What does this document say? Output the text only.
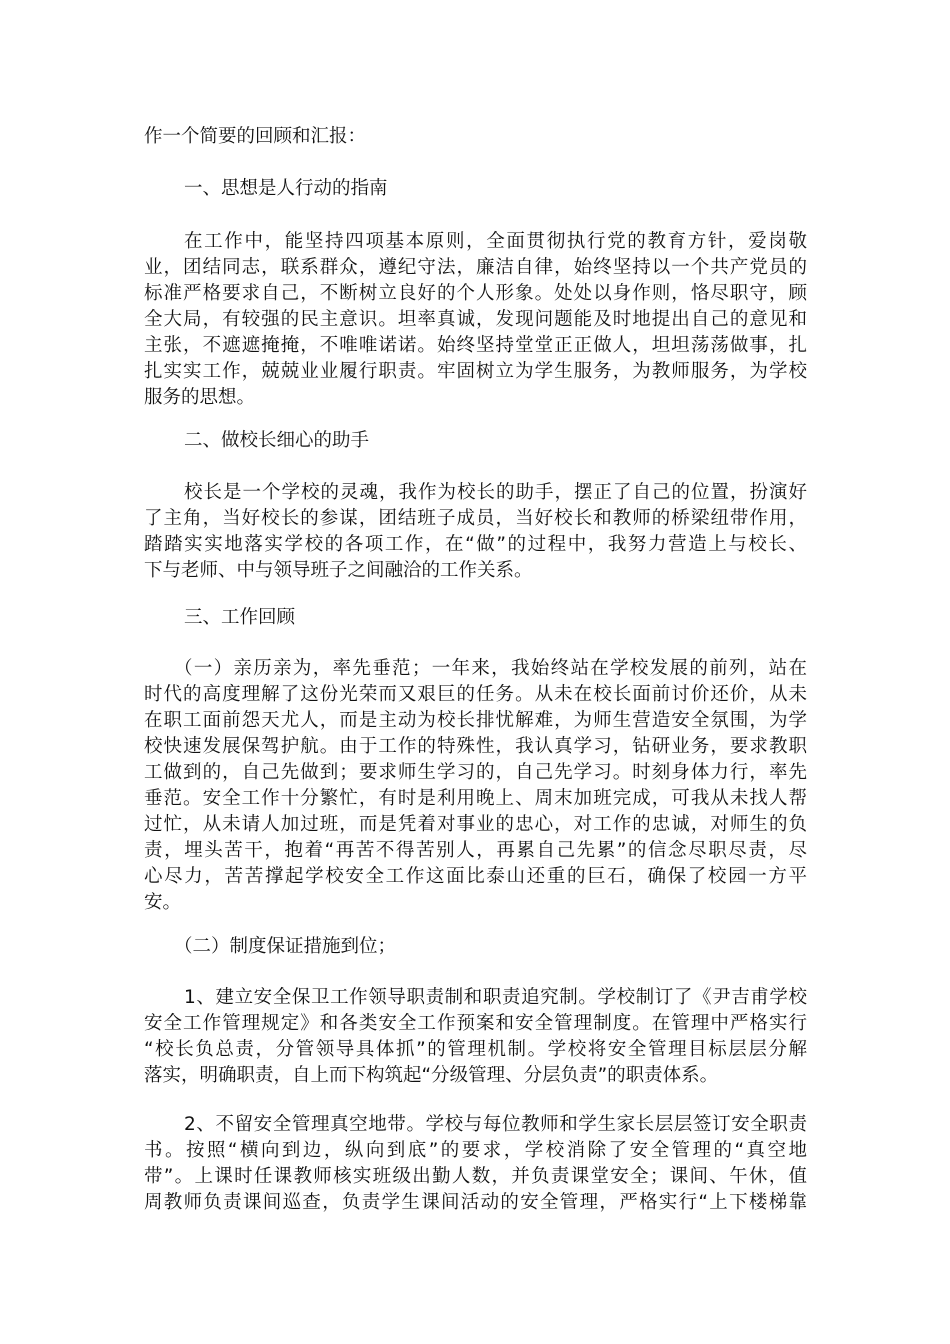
作一个简要的回顾和汇报：
一、思想是人行动的指南
在工作中，能坚持四项基本原则，全面贯彻执行党的教育方针，爱岗敬
业，团结同志，联系群众，遵纪守法，廉洁自律，始终坚持以一个共产党员的
标准严格要求自己，不断树立良好的个人形象。处处以身作则，恪尽职守，顾
全大局，有较强的民主意识。坦率真诚，发现问题能及时地提出自己的意见和
主张，不遮遮掩掩，不唯唯诺诺。始终坚持堂堂正正做人，坦坦荡荡做事，扎
扎实实工作，兢兢业业履行职责。牢固树立为学生服务，为教师服务，为学校
服务的思想。
二、做校长细心的助手
校长是一个学校的灵魂，我作为校长的助手，摆正了自己的位置，扮演好
了主角，当好校长的参谋，团结班子成员，当好校长和教师的桥梁纽带作用，
踏踏实实地落实学校的各项工作，在“做”的过程中，我努力营造上与校长、
下与老师、中与领导班子之间融洽的工作关系。
三、工作回顾
（一）亲历亲为，率先垂范；一年来，我始终站在学校发展的前列，站在
时代的高度理解了这份光荣而又艰巨的任务。从未在校长面前讨价还价，从未
在职工面前怨天尤人，而是主动为校长排忧解难，为师生营造安全氛围，为学
校快速发展保驾护航。由于工作的特殊性，我认真学习，钻研业务，要求教职
工做到的，自己先做到；要求师生学习的，自己先学习。时刻身体力行，率先
垂范。安全工作十分繁忙，有时是利用晚上、周末加班完成，可我从未找人帮
过忙，从未请人加过班，而是凭着对事业的忠心，对工作的忠诚，对师生的负
责，埋头苦干，抱着“再苦不得苦别人，再累自己先累”的信念尽职尽责，尽
心尽力，苦苦撑起学校安全工作这面比泰山还重的巨石，确保了校园一方平
安。
（二）制度保证措施到位；
1、建立安全保卫工作领导职责制和职责追究制。学校制订了《尹吉甫学校
安全工作管理规定》和各类安全工作预案和安全管理制度。在管理中严格实行
“校长负总责，分管领导具体抓”的管理机制。学校将安全管理目标层层分解
落实，明确职责，自上而下构筑起“分级管理、分层负责”的职责体系。
2、不留安全管理真空地带。学校与每位教师和学生家长层层签订安全职责
书。按照“横向到边，纵向到底”的要求，学校消除了安全管理的“真空地
带”。上课时任课教师核实班级出勤人数，并负责课堂安全；课间、午休，值
周教师负责课间巡查，负责学生课间活动的安全管理，严格实行“上下楼梯靠
